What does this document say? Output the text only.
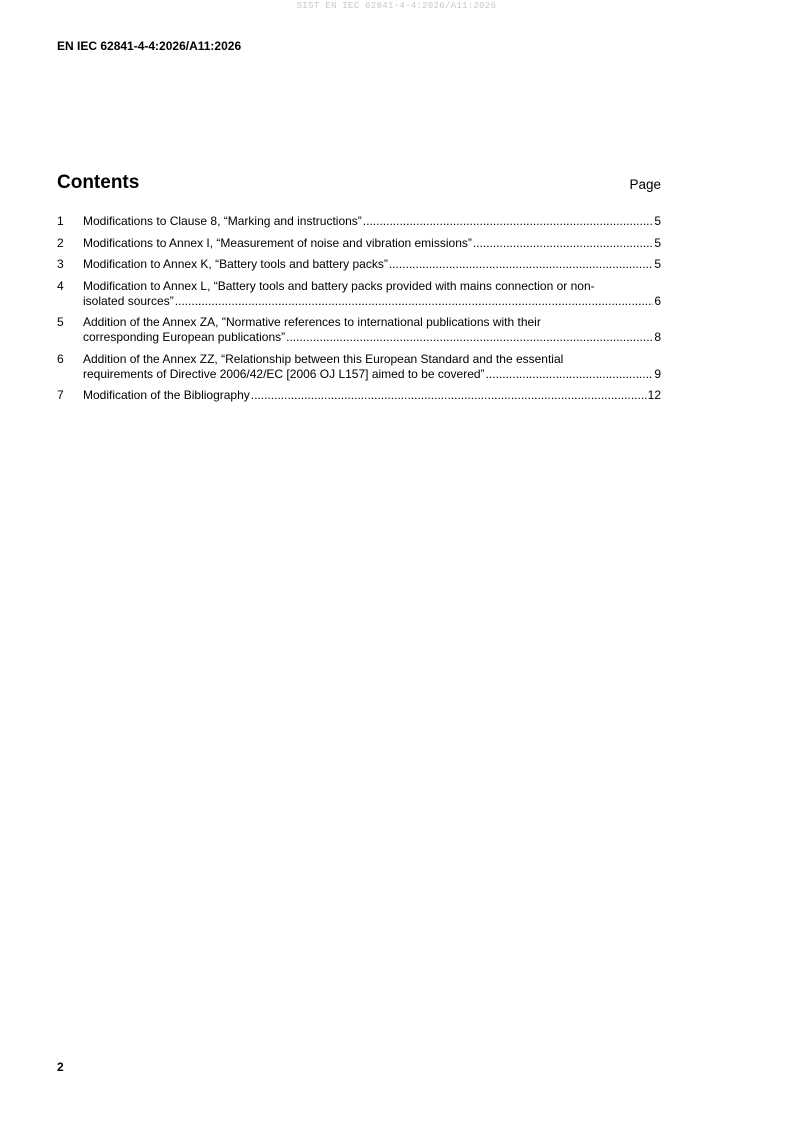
SIST EN IEC 62841-4-4:2026/A11:2026
EN IEC 62841-4-4:2026/A11:2026
Contents	Page
1	Modifications to Clause 8, “Marking and instructions” .....	5
2	Modifications to Annex I, “Measurement of noise and vibration emissions” .....	5
3	Modification to Annex K, “Battery tools and battery packs” .....	5
4	Modification to Annex L, “Battery tools and battery packs provided with mains connection or non-
isolated sources” .....	6
5	Addition of the Annex ZA, "Normative references to international publications with their
corresponding European publications” .....	8
6	Addition of the Annex ZZ, “Relationship between this European Standard and the essential
requirements of Directive 2006/42/EC [2006 OJ L157] aimed to be covered” .....	9
7	Modification of the Bibliography .....	12
2
